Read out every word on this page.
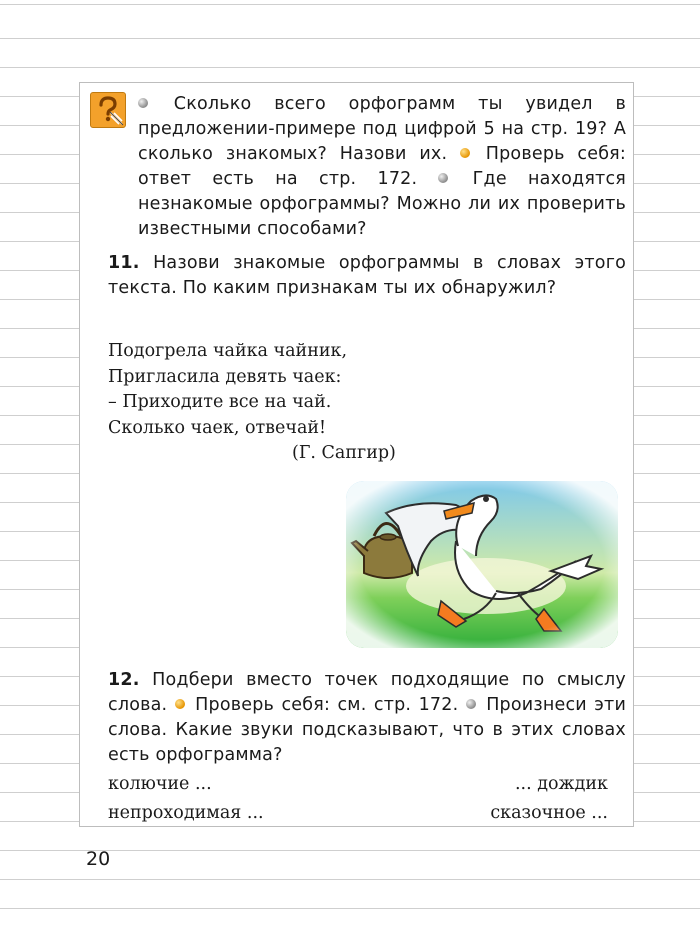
Сколько всего орфограмм ты увидел в предложении-примере под цифрой 5 на стр. 19? А сколько знакомых? Назови их. Проверь себя: ответ есть на стр. 172.	Где находятся незнакомые орфограммы? Можно ли их проверить известными способами?
11. Назови знакомые орфограммы в словах этого текста. По каким признакам ты их обнаружил?
Подогрела чайка чайник,
Пригласила девять чаек:
– Приходите все на чай.
Сколько чаек, отвечай!
(Г. Сапгир)
12. Подбери вместо точек подходящие по смыслу слова. Проверь себя: см. стр. 172. Произнеси эти слова. Какие звуки подсказывают, что в этих словах есть орфограмма?
колючие ...	... дождик
непроходимая ...	сказочное ...
20
